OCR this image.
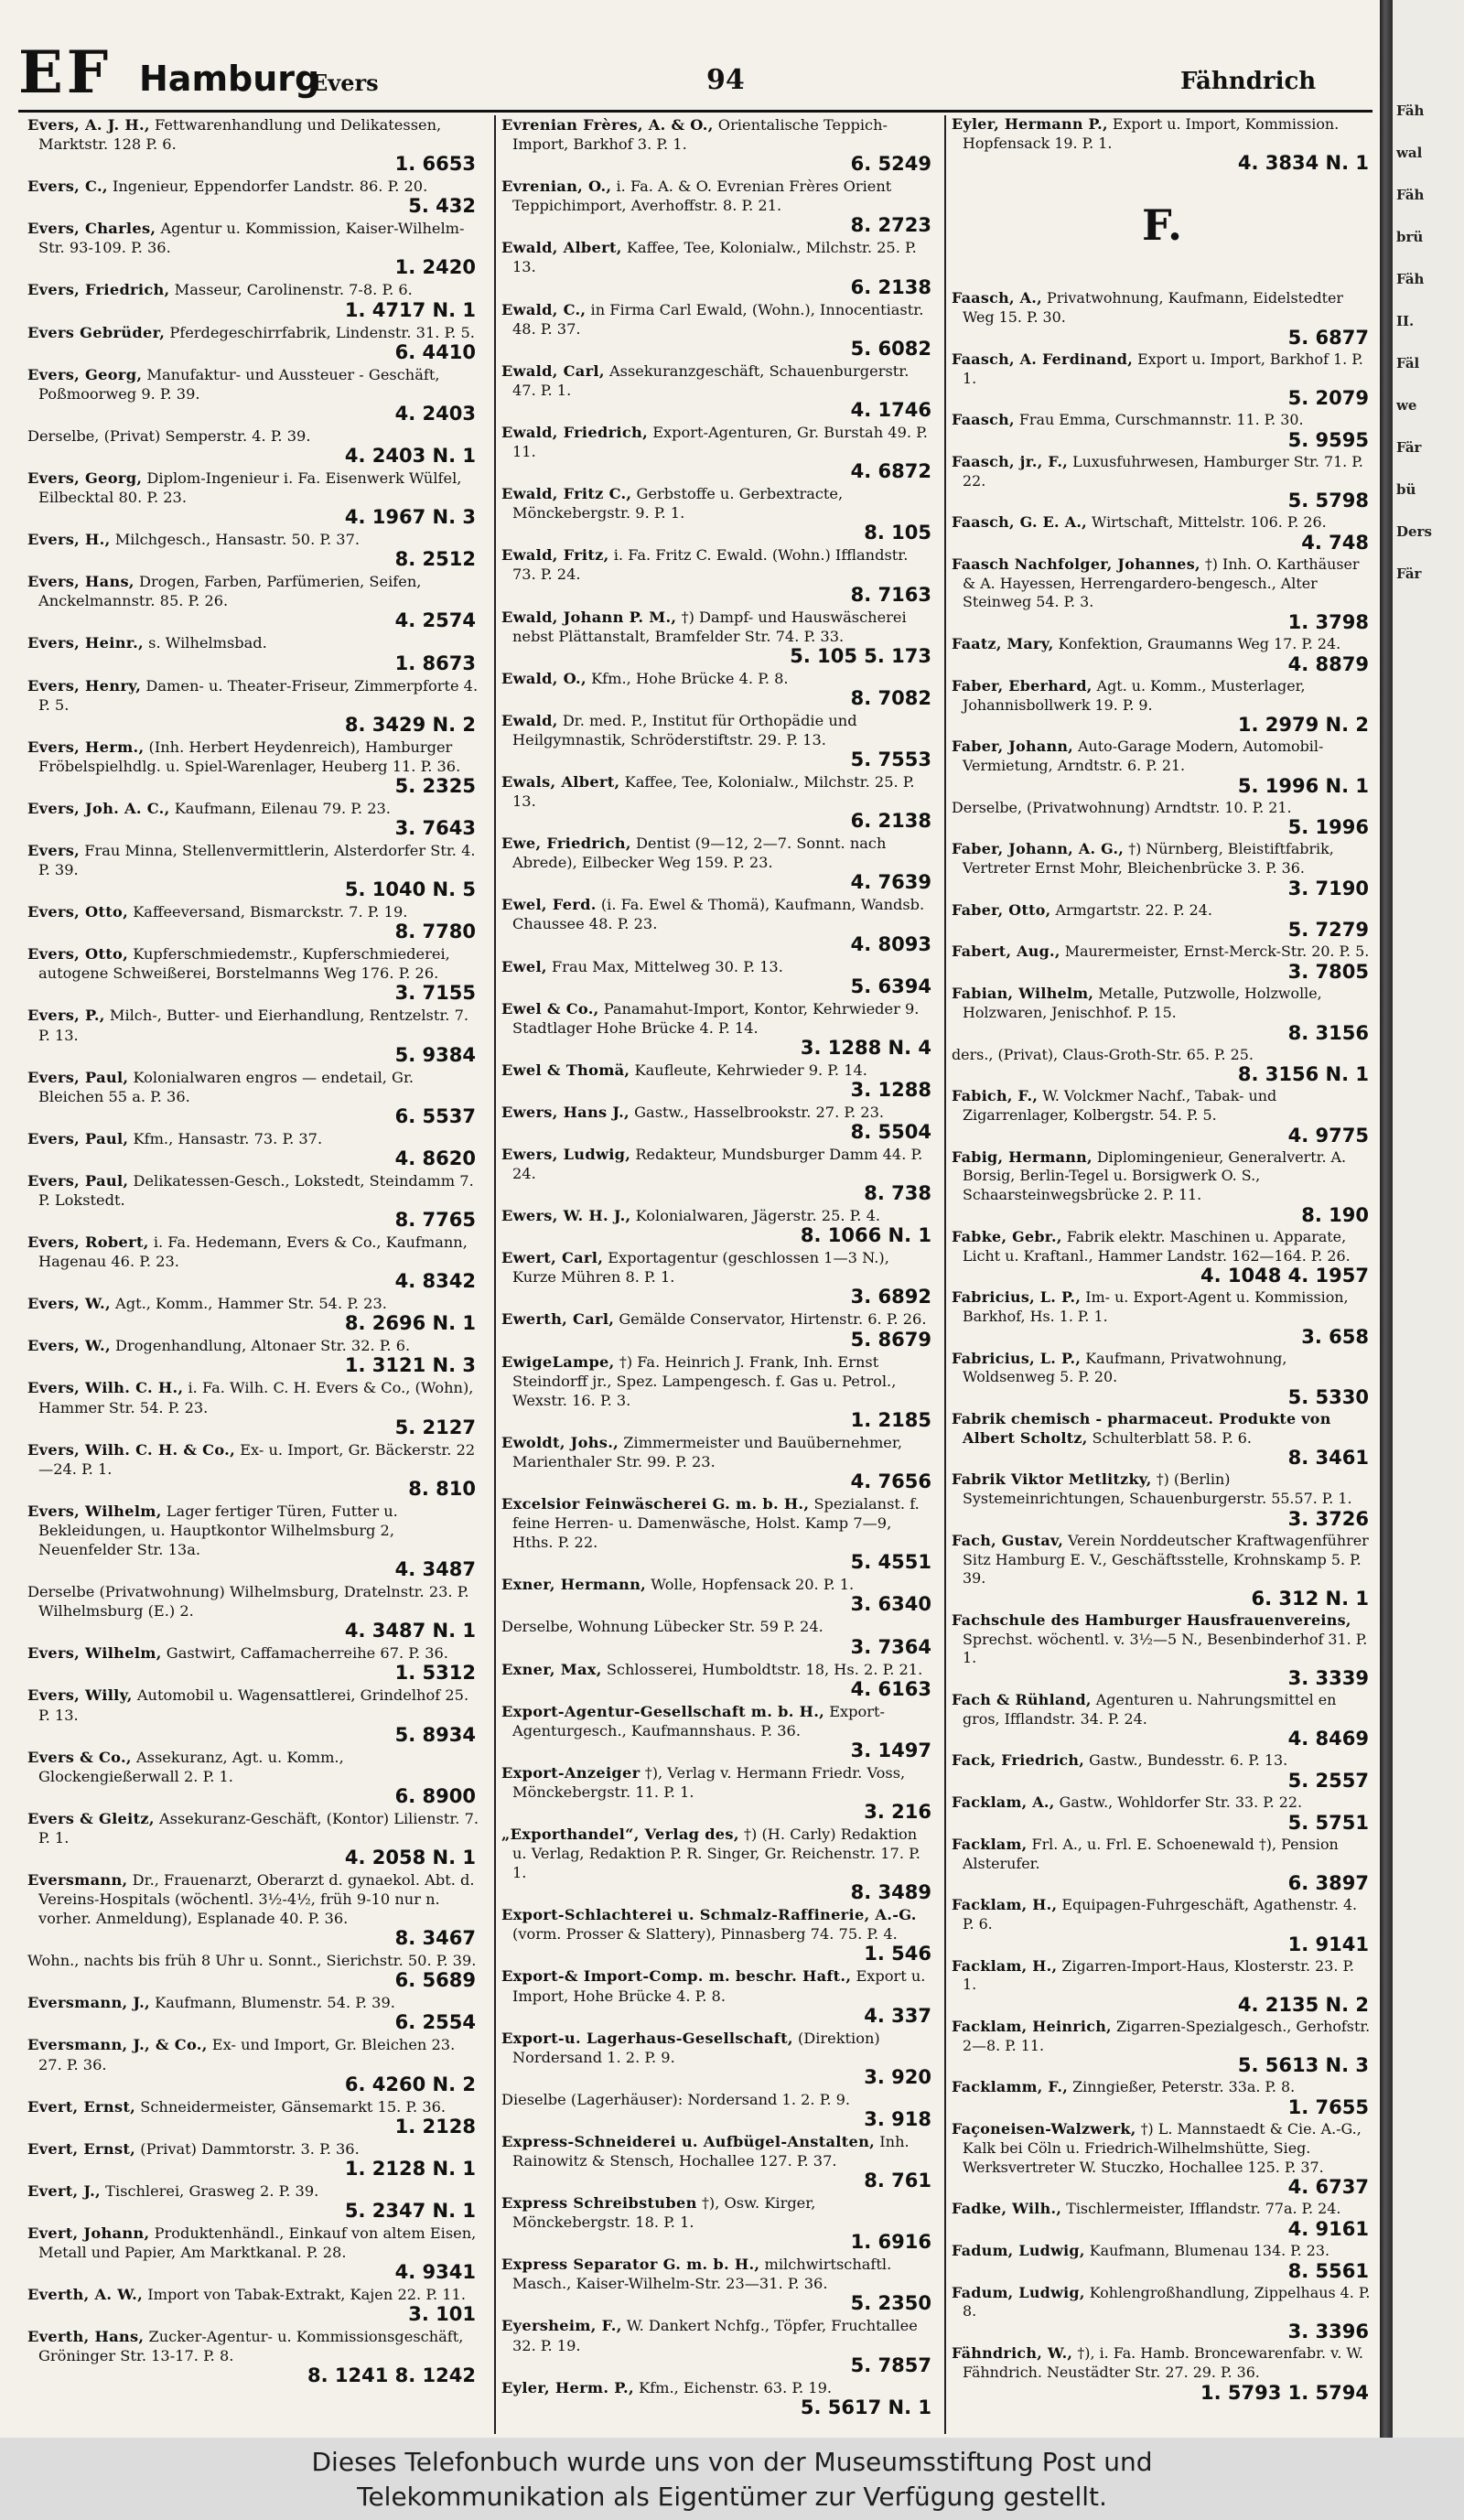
EF Hamburg
Evers	94	Fähndrich
Evers, A. J. H., Fettwarenhandlung und Delikatessen, Marktstr. 128 P. 6.
1. 6653
Evers, C., Ingenieur, Eppendorfer Landstr. 86. P. 20.
5. 432
Evers, Charles, Agentur u. Kommission, Kaiser-Wilhelm-Str. 93-109. P. 36.
1. 2420
Evers, Friedrich, Masseur, Carolinenstr. 7-8. P. 6.
1. 4717 N. 1
Evers Gebrüder, Pferdegeschirrfabrik, Lindenstr. 31. P. 5.
6. 4410
Evers, Georg, Manufaktur- und Aussteuer - Geschäft, Poßmoorweg 9. P. 39.
4. 2403
Derselbe, (Privat) Semperstr. 4. P. 39.
4. 2403 N. 1
Evers, Georg, Diplom-Ingenieur i. Fa. Eisenwerk Wülfel, Eilbecktal 80. P. 23.
4. 1967 N. 3
Evers, H., Milchgesch., Hansastr. 50. P. 37.
8. 2512
Evers, Hans, Drogen, Farben, Parfümerien, Seifen, Anckelmannstr. 85. P. 26.
4. 2574
Evers, Heinr., s. Wilhelmsbad.
1. 8673
Evers, Henry, Damen- u. Theater-Friseur, Zimmerpforte 4. P. 5.
8. 3429 N. 2
Evers, Herm., (Inh. Herbert Heydenreich), Hamburger Fröbelspielhdlg. u. Spiel-Warenlager, Heuberg 11. P. 36.
5. 2325
Evers, Joh. A. C., Kaufmann, Eilenau 79. P. 23.
3. 7643
Evers, Frau Minna, Stellenvermittlerin, Alsterdorfer Str. 4. P. 39.
5. 1040 N. 5
Evers, Otto, Kaffeeversand, Bismarckstr. 7. P. 19.
8. 7780
Evers, Otto, Kupferschmiedemstr., Kupferschmiederei, autogene Schweißerei, Borstelmanns Weg 176. P. 26.
3. 7155
Evers, P., Milch-, Butter- und Eierhandlung, Rentzelstr. 7. P. 13.
5. 9384
Evers, Paul, Kolonialwaren engros — endetail, Gr. Bleichen 55 a. P. 36.
6. 5537
Evers, Paul, Kfm., Hansastr. 73. P. 37.
4. 8620
Evers, Paul, Delikatessen-Gesch., Lokstedt, Steindamm 7. P. Lokstedt.
8. 7765
Evers, Robert, i. Fa. Hedemann, Evers & Co., Kaufmann, Hagenau 46. P. 23.
4. 8342
Evers, W., Agt., Komm., Hammer Str. 54. P. 23.
8. 2696 N. 1
Evers, W., Drogenhandlung, Altonaer Str. 32. P. 6.
1. 3121 N. 3
Evers, Wilh. C. H., i. Fa. Wilh. C. H. Evers & Co., (Wohn), Hammer Str. 54. P. 23.
5. 2127
Evers, Wilh. C. H. & Co., Ex- u. Import, Gr. Bäckerstr. 22—24. P. 1.
8. 810
Evers, Wilhelm, Lager fertiger Türen, Futter u. Bekleidungen, u. Hauptkontor Wilhelmsburg 2, Neuenfelder Str. 13a.
4. 3487
Derselbe (Privatwohnung) Wilhelmsburg, Dratelnstr. 23. P. Wilhelmsburg (E.) 2.
4. 3487 N. 1
Evers, Wilhelm, Gastwirt, Caffamacherreihe 67. P. 36.
1. 5312
Evers, Willy, Automobil u. Wagensattlerei, Grindelhof 25. P. 13.
5. 8934
Evers & Co., Assekuranz, Agt. u. Komm., Glockengießerwall 2. P. 1.
6. 8900
Evers & Gleitz, Assekuranz-Geschäft, (Kontor) Lilienstr. 7. P. 1.
4. 2058 N. 1
Eversmann, Dr., Frauenarzt, Oberarzt d. gynaekol. Abt. d. Vereins-Hospitals (wöchentl. 3½-4½, früh 9-10 nur n. vorher. Anmeldung), Esplanade 40. P. 36.
8. 3467
Wohn., nachts bis früh 8 Uhr u. Sonnt., Sierichstr. 50. P. 39.
6. 5689
Eversmann, J., Kaufmann, Blumenstr. 54. P. 39.
6. 2554
Eversmann, J., & Co., Ex- und Import, Gr. Bleichen 23. 27. P. 36.
6. 4260 N. 2
Evert, Ernst, Schneidermeister, Gänsemarkt 15. P. 36.
1. 2128
Evert, Ernst, (Privat) Dammtorstr. 3. P. 36.
1. 2128 N. 1
Evert, J., Tischlerei, Grasweg 2. P. 39.
5. 2347 N. 1
Evert, Johann, Produktenhändl., Einkauf von altem Eisen, Metall und Papier, Am Marktkanal. P. 28.
4. 9341
Everth, A. W., Import von Tabak-Extrakt, Kajen 22. P. 11.
3. 101
Everth, Hans, Zucker-Agentur- u. Kommissionsgeschäft, Gröninger Str. 13-17. P. 8.
8. 1241 8. 1242
Evrenian Frères, A. & O., Orientalische Teppich-Import, Barkhof 3. P. 1.
6. 5249
Evrenian, O., i. Fa. A. & O. Evrenian Frères Orient Teppichimport, Averhoffstr. 8. P. 21.
8. 2723
Ewald, Albert, Kaffee, Tee, Kolonialw., Milchstr. 25. P. 13.
6. 2138
Ewald, C., in Firma Carl Ewald, (Wohn.), Innocentiastr. 48. P. 37.
5. 6082
Ewald, Carl, Assekuranzgeschäft, Schauenburgerstr. 47. P. 1.
4. 1746
Ewald, Friedrich, Export-Agenturen, Gr. Burstah 49. P. 11.
4. 6872
Ewald, Fritz C., Gerbstoffe u. Gerbextracte, Mönckebergstr. 9. P. 1.
8. 105
Ewald, Fritz, i. Fa. Fritz C. Ewald. (Wohn.) Ifflandstr. 73. P. 24.
8. 7163
Ewald, Johann P. M., †) Dampf- und Hauswäscherei nebst Plättanstalt, Bramfelder Str. 74. P. 33.
5. 105 5. 173
Ewald, O., Kfm., Hohe Brücke 4. P. 8.
8. 7082
Ewald, Dr. med. P., Institut für Orthopädie und Heilgymnastik, Schröderstiftstr. 29. P. 13.
5. 7553
Ewals, Albert, Kaffee, Tee, Kolonialw., Milchstr. 25. P. 13.
6. 2138
Ewe, Friedrich, Dentist (9—12, 2—7. Sonnt. nach Abrede), Eilbecker Weg 159. P. 23.
4. 7639
Ewel, Ferd. (i. Fa. Ewel & Thomä), Kaufmann, Wandsb. Chaussee 48. P. 23.
4. 8093
Ewel, Frau Max, Mittelweg 30. P. 13.
5. 6394
Ewel & Co., Panamahut-Import, Kontor, Kehrwieder 9. Stadtlager Hohe Brücke 4. P. 14.
3. 1288 N. 4
Ewel & Thomä, Kaufleute, Kehrwieder 9. P. 14.
3. 1288
Ewers, Hans J., Gastw., Hasselbrookstr. 27. P. 23.
8. 5504
Ewers, Ludwig, Redakteur, Mundsburger Damm 44. P. 24.
8. 738
Ewers, W. H. J., Kolonialwaren, Jägerstr. 25. P. 4.
8. 1066 N. 1
Ewert, Carl, Exportagentur (geschlossen 1—3 N.), Kurze Mühren 8. P. 1.
3. 6892
Ewerth, Carl, Gemälde Conservator, Hirtenstr. 6. P. 26.
5. 8679
EwigeLampe, †) Fa. Heinrich J. Frank, Inh. Ernst Steindorff jr., Spez. Lampengesch. f. Gas u. Petrol., Wexstr. 16. P. 3.
1. 2185
Ewoldt, Johs., Zimmermeister und Bauübernehmer, Marienthaler Str. 99. P. 23.
4. 7656
Excelsior Feinwäscherei G. m. b. H., Spezialanst. f. feine Herren- u. Damenwäsche, Holst. Kamp 7—9, Hths. P. 22.
5. 4551
Exner, Hermann, Wolle, Hopfensack 20. P. 1.
3. 6340
Derselbe, Wohnung Lübecker Str. 59 P. 24.
3. 7364
Exner, Max, Schlosserei, Humboldtstr. 18, Hs. 2. P. 21.
4. 6163
Export-Agentur-Gesellschaft m. b. H., Export-Agenturgesch., Kaufmannshaus. P. 36.
3. 1497
Export-Anzeiger †), Verlag v. Hermann Friedr. Voss, Mönckebergstr. 11. P. 1.
3. 216
„Exporthandel“, Verlag des, †) (H. Carly) Redaktion u. Verlag, Redaktion P. R. Singer, Gr. Reichenstr. 17. P. 1.
8. 3489
Export-Schlachterei u. Schmalz-Raffinerie, A.-G. (vorm. Prosser & Slattery), Pinnasberg 74. 75. P. 4.
1. 546
Export-& Import-Comp. m. beschr. Haft., Export u. Import, Hohe Brücke 4. P. 8.
4. 337
Export-u. Lagerhaus-Gesellschaft, (Direktion) Nordersand 1. 2. P. 9.
3. 920
Dieselbe (Lagerhäuser): Nordersand 1. 2. P. 9.
3. 918
Express-Schneiderei u. Aufbügel-Anstalten, Inh. Rainowitz & Stensch, Hochallee 127. P. 37.
8. 761
Express Schreibstuben †), Osw. Kirger, Mönckebergstr. 18. P. 1.
1. 6916
Express Separator G. m. b. H., milchwirtschaftl. Masch., Kaiser-Wilhelm-Str. 23—31. P. 36.
5. 2350
Eyersheim, F., W. Dankert Nchfg., Töpfer, Fruchtallee 32. P. 19.
5. 7857
Eyler, Herm. P., Kfm., Eichenstr. 63. P. 19.
5. 5617 N. 1
Eyler, Hermann P., Export u. Import, Kommission. Hopfensack 19. P. 1.
4. 3834 N. 1
F.
Faasch, A., Privatwohnung, Kaufmann, Eidelstedter Weg 15. P. 30.
5. 6877
Faasch, A. Ferdinand, Export u. Import, Barkhof 1. P. 1.
5. 2079
Faasch, Frau Emma, Curschmannstr. 11. P. 30.
5. 9595
Faasch, jr., F., Luxusfuhrwesen, Hamburger Str. 71. P. 22.
5. 5798
Faasch, G. E. A., Wirtschaft, Mittelstr. 106. P. 26.
4. 748
Faasch Nachfolger, Johannes, †) Inh. O. Karthäuser & A. Hayessen, Herrengardero-bengesch., Alter Steinweg 54. P. 3.
1. 3798
Faatz, Mary, Konfektion, Graumanns Weg 17. P. 24.
4. 8879
Faber, Eberhard, Agt. u. Komm., Musterlager, Johannisbollwerk 19. P. 9.
1. 2979 N. 2
Faber, Johann, Auto-Garage Modern, Automobil-Vermietung, Arndtstr. 6. P. 21.
5. 1996 N. 1
Derselbe, (Privatwohnung) Arndtstr. 10. P. 21.
5. 1996
Faber, Johann, A. G., †) Nürnberg, Bleistiftfabrik, Vertreter Ernst Mohr, Bleichenbrücke 3. P. 36.
3. 7190
Faber, Otto, Armgartstr. 22. P. 24.
5. 7279
Fabert, Aug., Maurermeister, Ernst-Merck-Str. 20. P. 5.
3. 7805
Fabian, Wilhelm, Metalle, Putzwolle, Holzwolle, Holzwaren, Jenischhof. P. 15.
8. 3156
ders., (Privat), Claus-Groth-Str. 65. P. 25.
8. 3156 N. 1
Fabich, F., W. Volckmer Nachf., Tabak- und Zigarrenlager, Kolbergstr. 54. P. 5.
4. 9775
Fabig, Hermann, Diplomingenieur, Generalvertr. A. Borsig, Berlin-Tegel u. Borsigwerk O. S., Schaarsteinwegsbrücke 2. P. 11.
8. 190
Fabke, Gebr., Fabrik elektr. Maschinen u. Apparate, Licht u. Kraftanl., Hammer Landstr. 162—164. P. 26.
4. 1048 4. 1957
Fabricius, L. P., Im- u. Export-Agent u. Kommission, Barkhof, Hs. 1. P. 1.
3. 658
Fabricius, L. P., Kaufmann, Privatwohnung, Woldsenweg 5. P. 20.
5. 5330
Fabrik chemisch - pharmaceut. Produkte von Albert Scholtz, Schulterblatt 58. P. 6.
8. 3461
Fabrik Viktor Metlitzky, †) (Berlin) Systemeinrichtungen, Schauenburgerstr. 55.57. P. 1.
3. 3726
Fach, Gustav, Verein Norddeutscher Kraftwagenführer Sitz Hamburg E. V., Geschäftsstelle, Krohnskamp 5. P. 39.
6. 312 N. 1
Fachschule des Hamburger Hausfrauenvereins, Sprechst. wöchentl. v. 3½—5 N., Besenbinderhof 31. P. 1.
3. 3339
Fach & Rühland, Agenturen u. Nahrungsmittel en gros, Ifflandstr. 34. P. 24.
4. 8469
Fack, Friedrich, Gastw., Bundesstr. 6. P. 13.
5. 2557
Facklam, A., Gastw., Wohldorfer Str. 33. P. 22.
5. 5751
Facklam, Frl. A., u. Frl. E. Schoenewald †), Pension Alsterufer.
6. 3897
Facklam, H., Equipagen-Fuhrgeschäft, Agathenstr. 4. P. 6.
1. 9141
Facklam, H., Zigarren-Import-Haus, Klosterstr. 23. P. 1.
4. 2135 N. 2
Facklam, Heinrich, Zigarren-Spezialgesch., Gerhofstr. 2—8. P. 11.
5. 5613 N. 3
Facklamm, F., Zinngießer, Peterstr. 33a. P. 8.
1. 7655
Façoneisen-Walzwerk, †) L. Mannstaedt & Cie. A.-G., Kalk bei Cöln u. Friedrich-Wilhelmshütte, Sieg. Werksvertreter W. Stuczko, Hochallee 125. P. 37.
4. 6737
Fadke, Wilh., Tischlermeister, Ifflandstr. 77a. P. 24.
4. 9161
Fadum, Ludwig, Kaufmann, Blumenau 134. P. 23.
8. 5561
Fadum, Ludwig, Kohlengroßhandlung, Zippelhaus 4. P. 8.
3. 3396
Fähndrich, W., †), i. Fa. Hamb. Broncewarenfabr. v. W. Fähndrich. Neustädter Str. 27. 29. P. 36.
1. 5793 1. 5794
Dieses Telefonbuch wurde uns von der Museumsstiftung Post und
Telekommunikation als Eigentümer zur Verfügung gestellt.
Fäh
wal
Fäh
brü
Fäh
II.
Fäl
we
Fär
bü
Ders
Fär
